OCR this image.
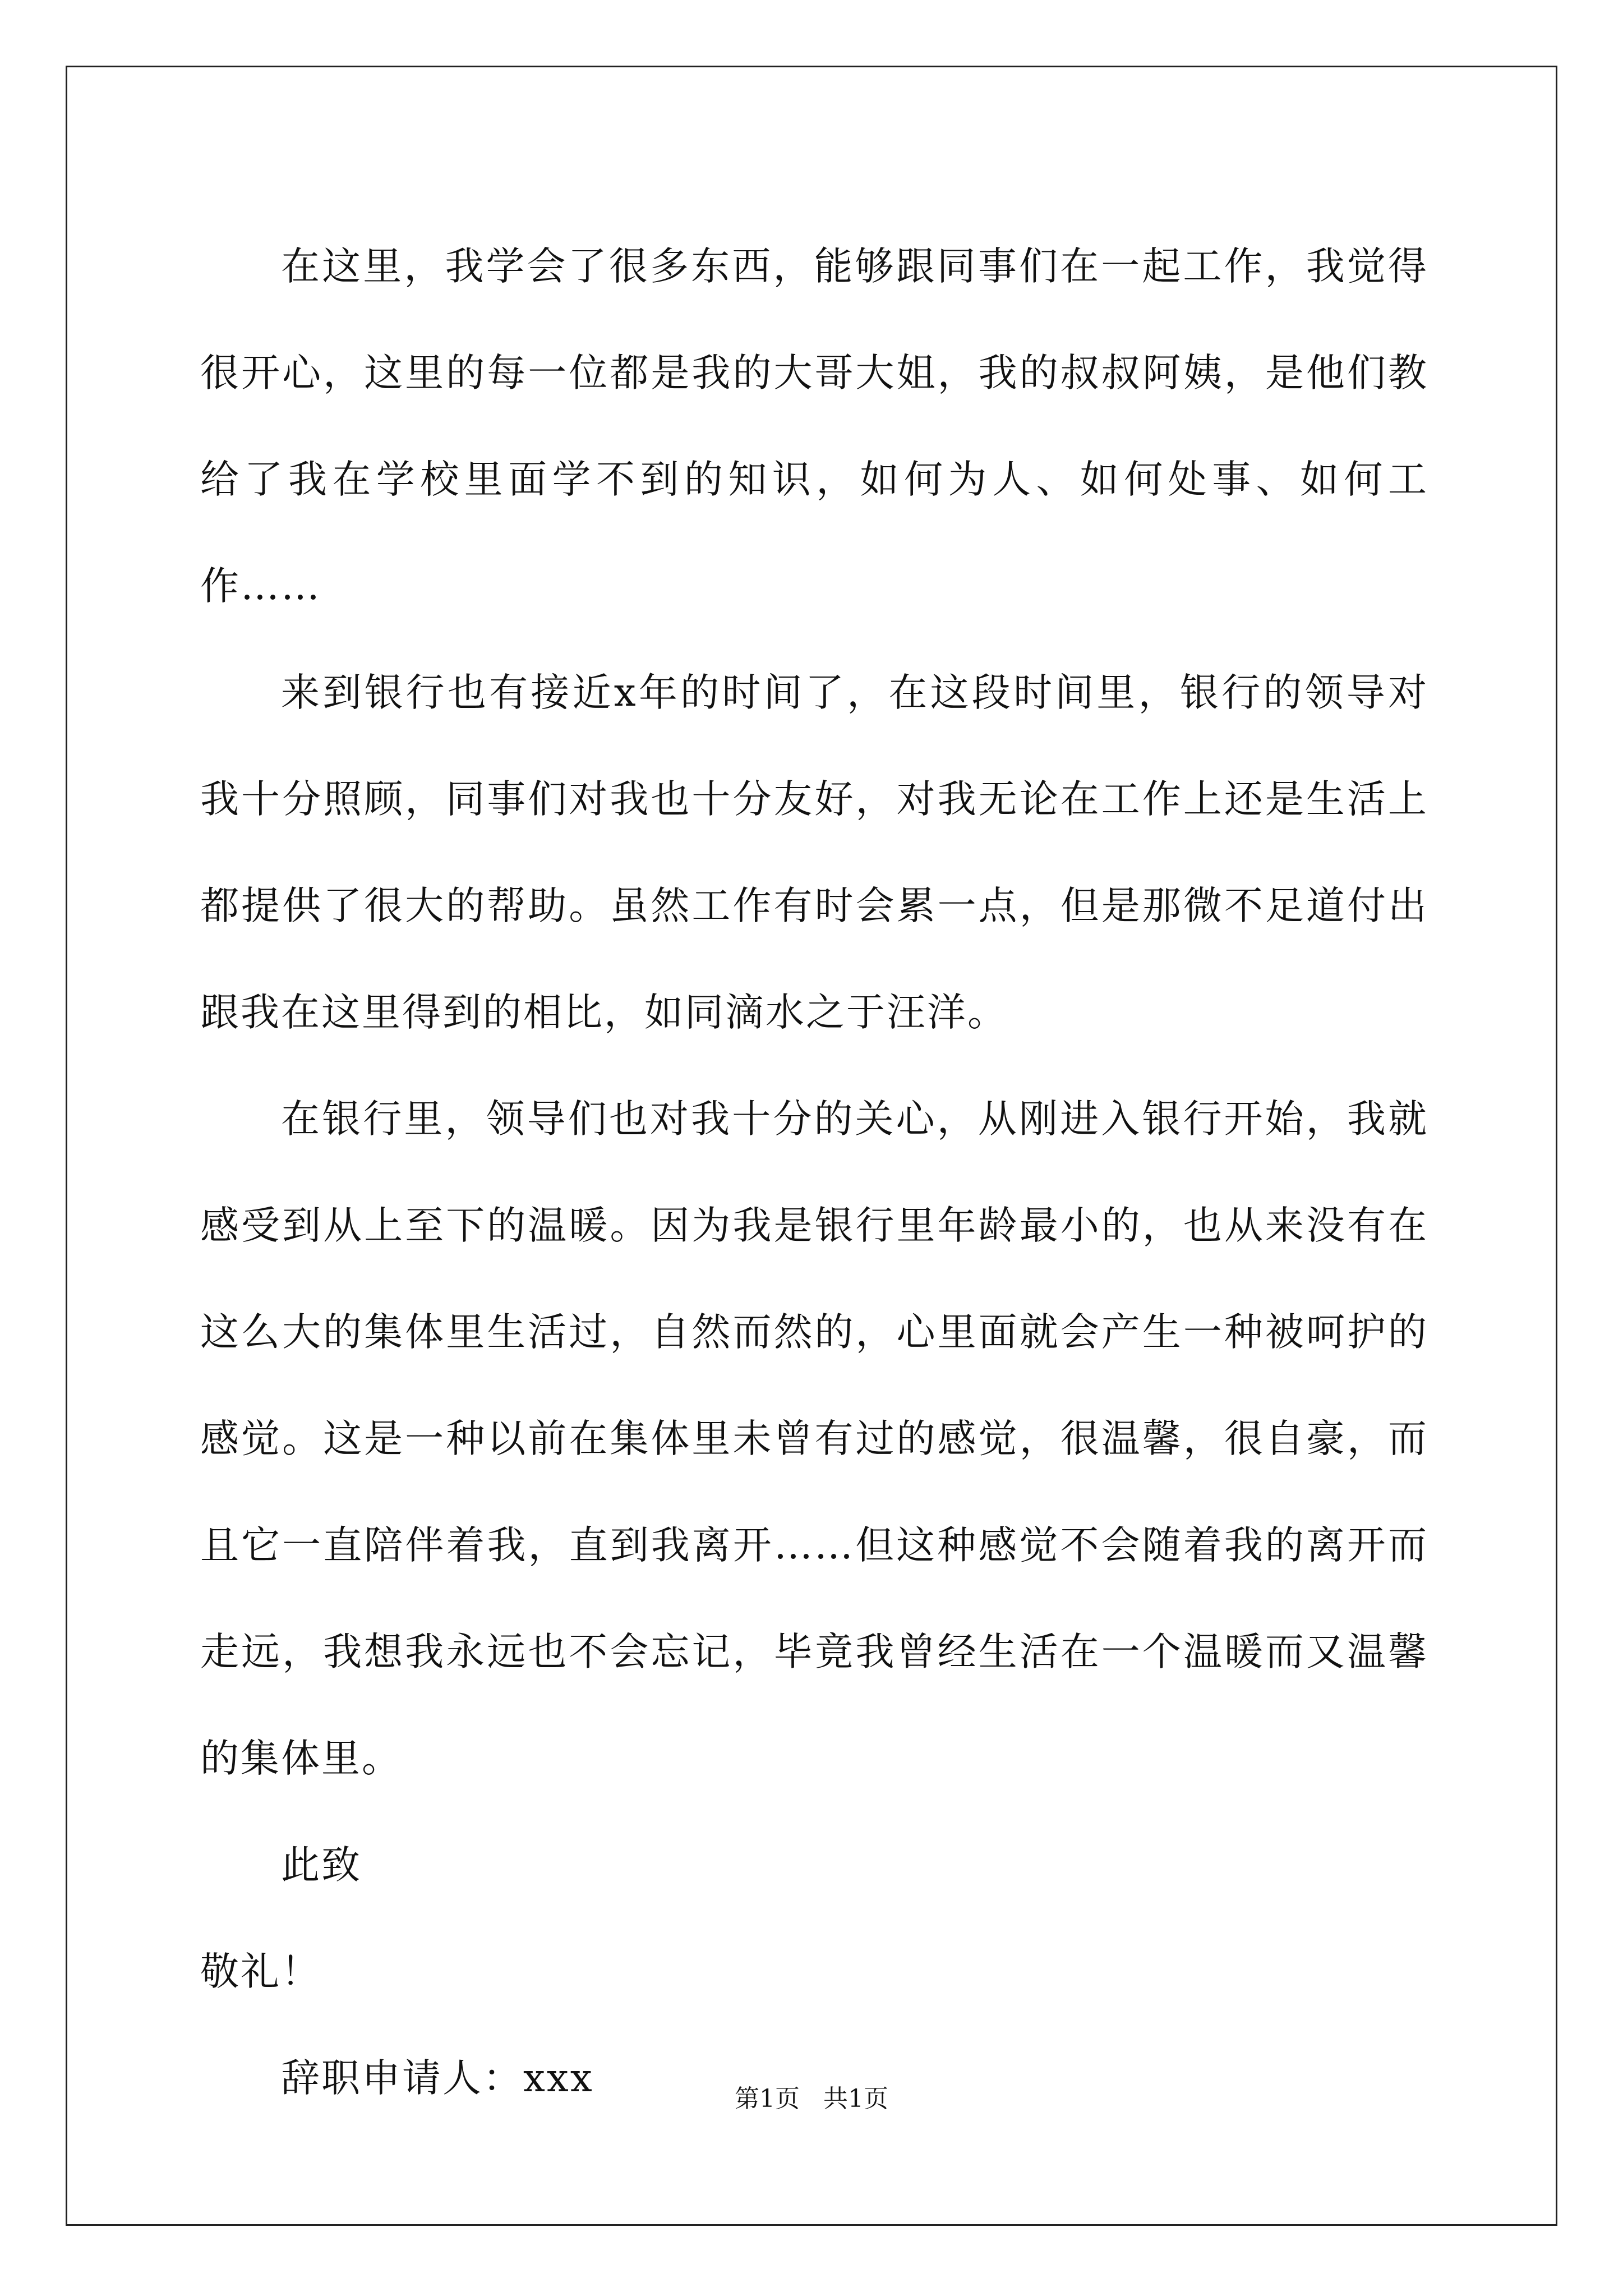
在这里，我学会了很多东西，能够跟同事们在一起工作，我觉得很开心，这里的每一位都是我的大哥大姐，我的叔叔阿姨，是他们教给了我在学校里面学不到的知识，如何为人、如何处事、如何工作……

来到银行也有接近x年的时间了，在这段时间里，银行的领导对我十分照顾，同事们对我也十分友好，对我无论在工作上还是生活上都提供了很大的帮助。虽然工作有时会累一点，但是那微不足道付出跟我在这里得到的相比，如同滴水之于汪洋。

在银行里，领导们也对我十分的关心，从刚进入银行开始，我就感受到从上至下的温暖。因为我是银行里年龄最小的，也从来没有在这么大的集体里生活过，自然而然的，心里面就会产生一种被呵护的感觉。这是一种以前在集体里未曾有过的感觉，很温馨，很自豪，而且它一直陪伴着我，直到我离开……但这种感觉不会随着我的离开而走远，我想我永远也不会忘记，毕竟我曾经生活在一个温暖而又温馨的集体里。

此致

敬礼！

辞职申请人：xxx	第1页   共1页
